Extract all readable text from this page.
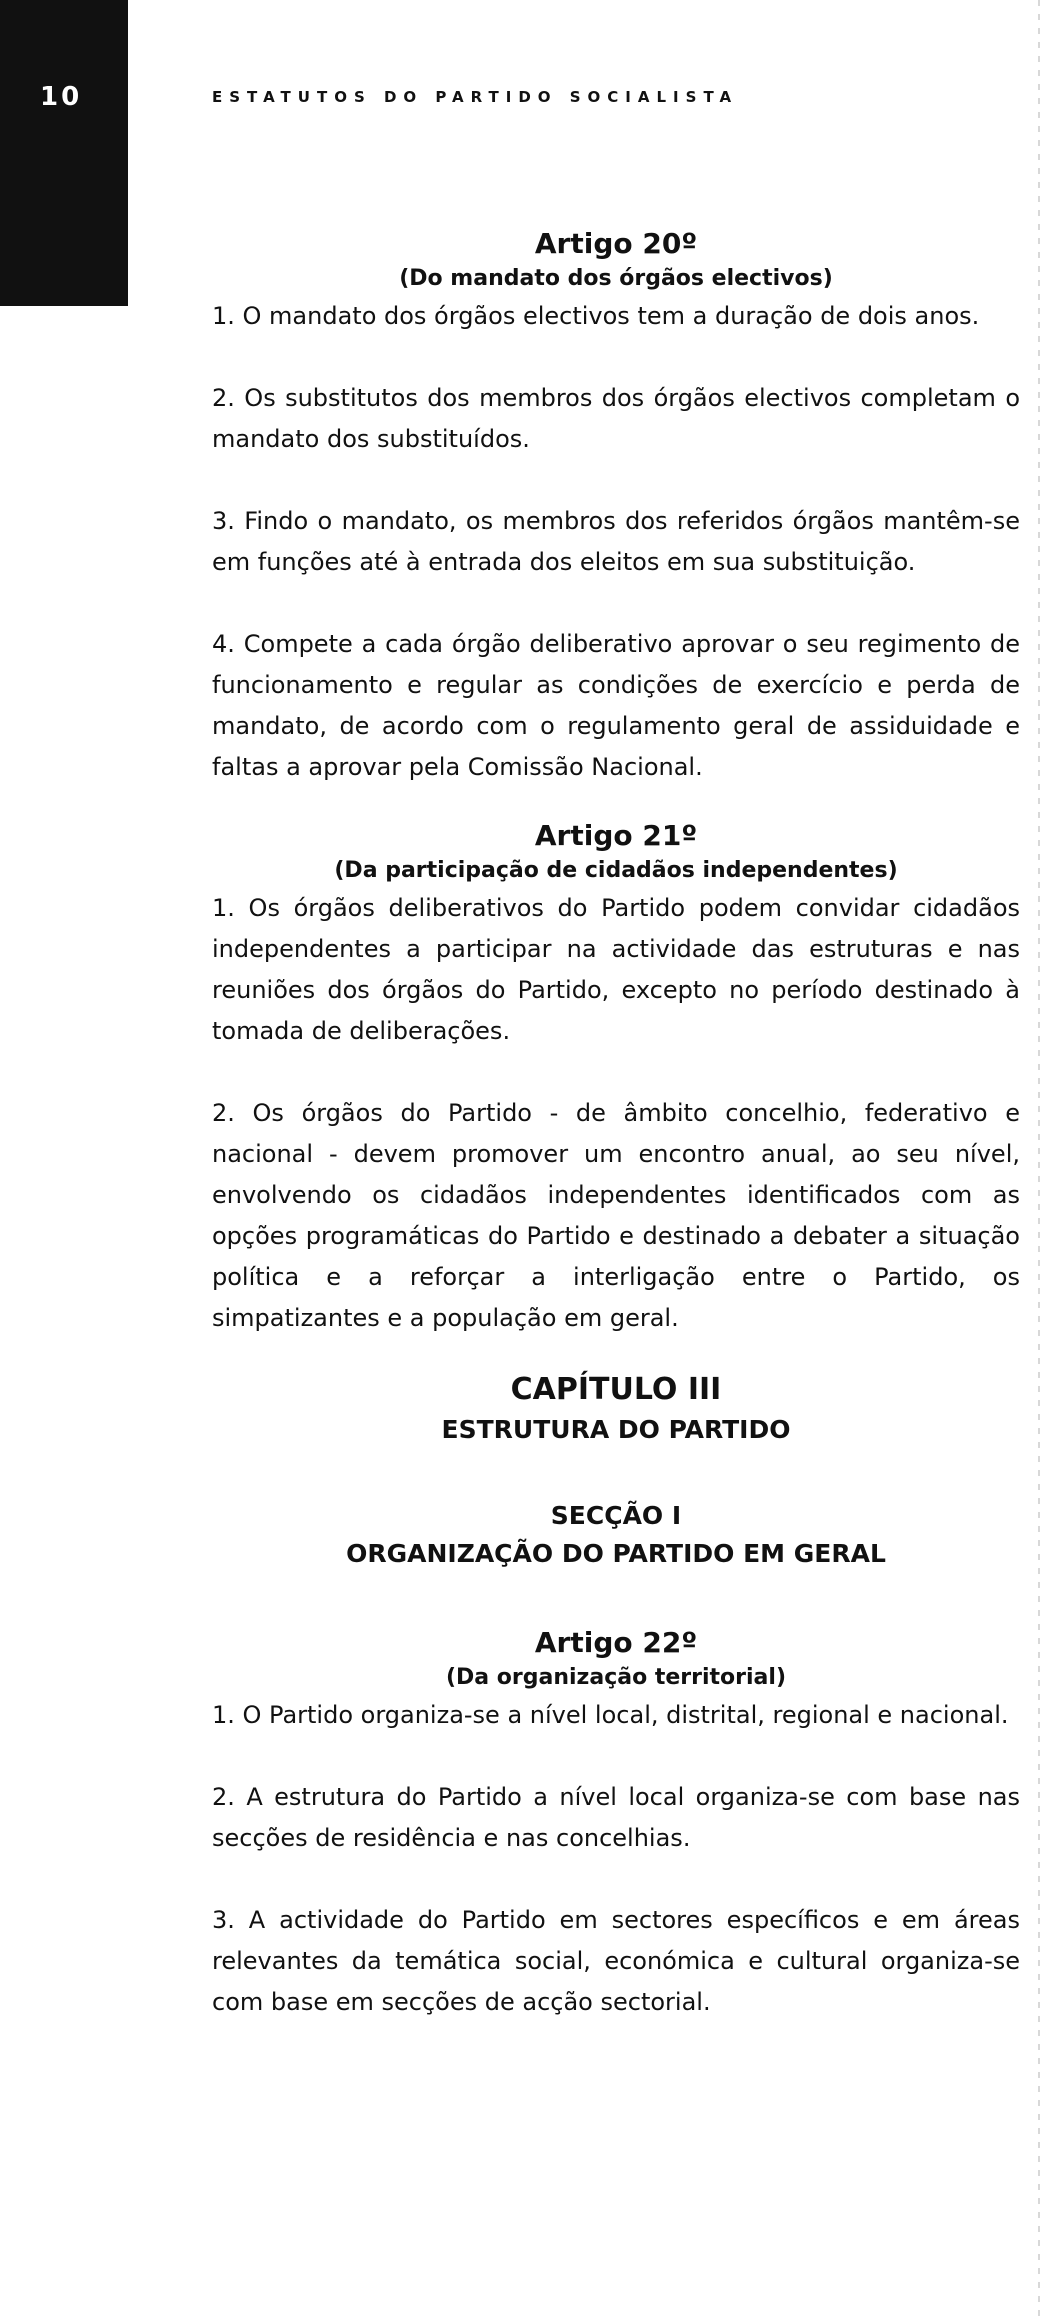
10	ESTATUTOS DO PARTIDO SOCIALISTA
Artigo 20º
(Do mandato dos órgãos electivos)

1. O mandato dos órgãos electivos tem a duração de dois anos.

2. Os substitutos dos membros dos órgãos electivos completam o mandato dos substituídos.

3. Findo o mandato, os membros dos referidos órgãos mantêm-se em funções até à entrada dos eleitos em sua substituição.

4. Compete a cada órgão deliberativo aprovar o seu regimento de funcionamento e regular as condições de exercício e perda de mandato, de acordo com o regulamento geral de assiduidade e faltas a aprovar pela Comissão Nacional.

Artigo 21º
(Da participação de cidadãos independentes)

1. Os órgãos deliberativos do Partido podem convidar cidadãos independentes a participar na actividade das estruturas e nas reuniões dos órgãos do Partido, excepto no período destinado à tomada de deliberações.

2. Os órgãos do Partido - de âmbito concelhio, federativo e nacional - devem promover um encontro anual, ao seu nível, envolvendo os cidadãos independentes identificados com as opções programáticas do Partido e destinado a debater a situação política e a reforçar a interligação entre o Partido, os simpatizantes e a população em geral.

CAPÍTULO III
ESTRUTURA DO PARTIDO
SECÇÃO I
ORGANIZAÇÃO DO PARTIDO EM GERAL
Artigo 22º
(Da organização territorial)

1. O Partido organiza-se a nível local, distrital, regional e nacional.

2. A estrutura do Partido a nível local organiza-se com base nas secções de residência e nas concelhias.

3. A actividade do Partido em sectores específicos e em áreas relevantes da temática social, económica e cultural organiza-se com base em secções de acção sectorial.
